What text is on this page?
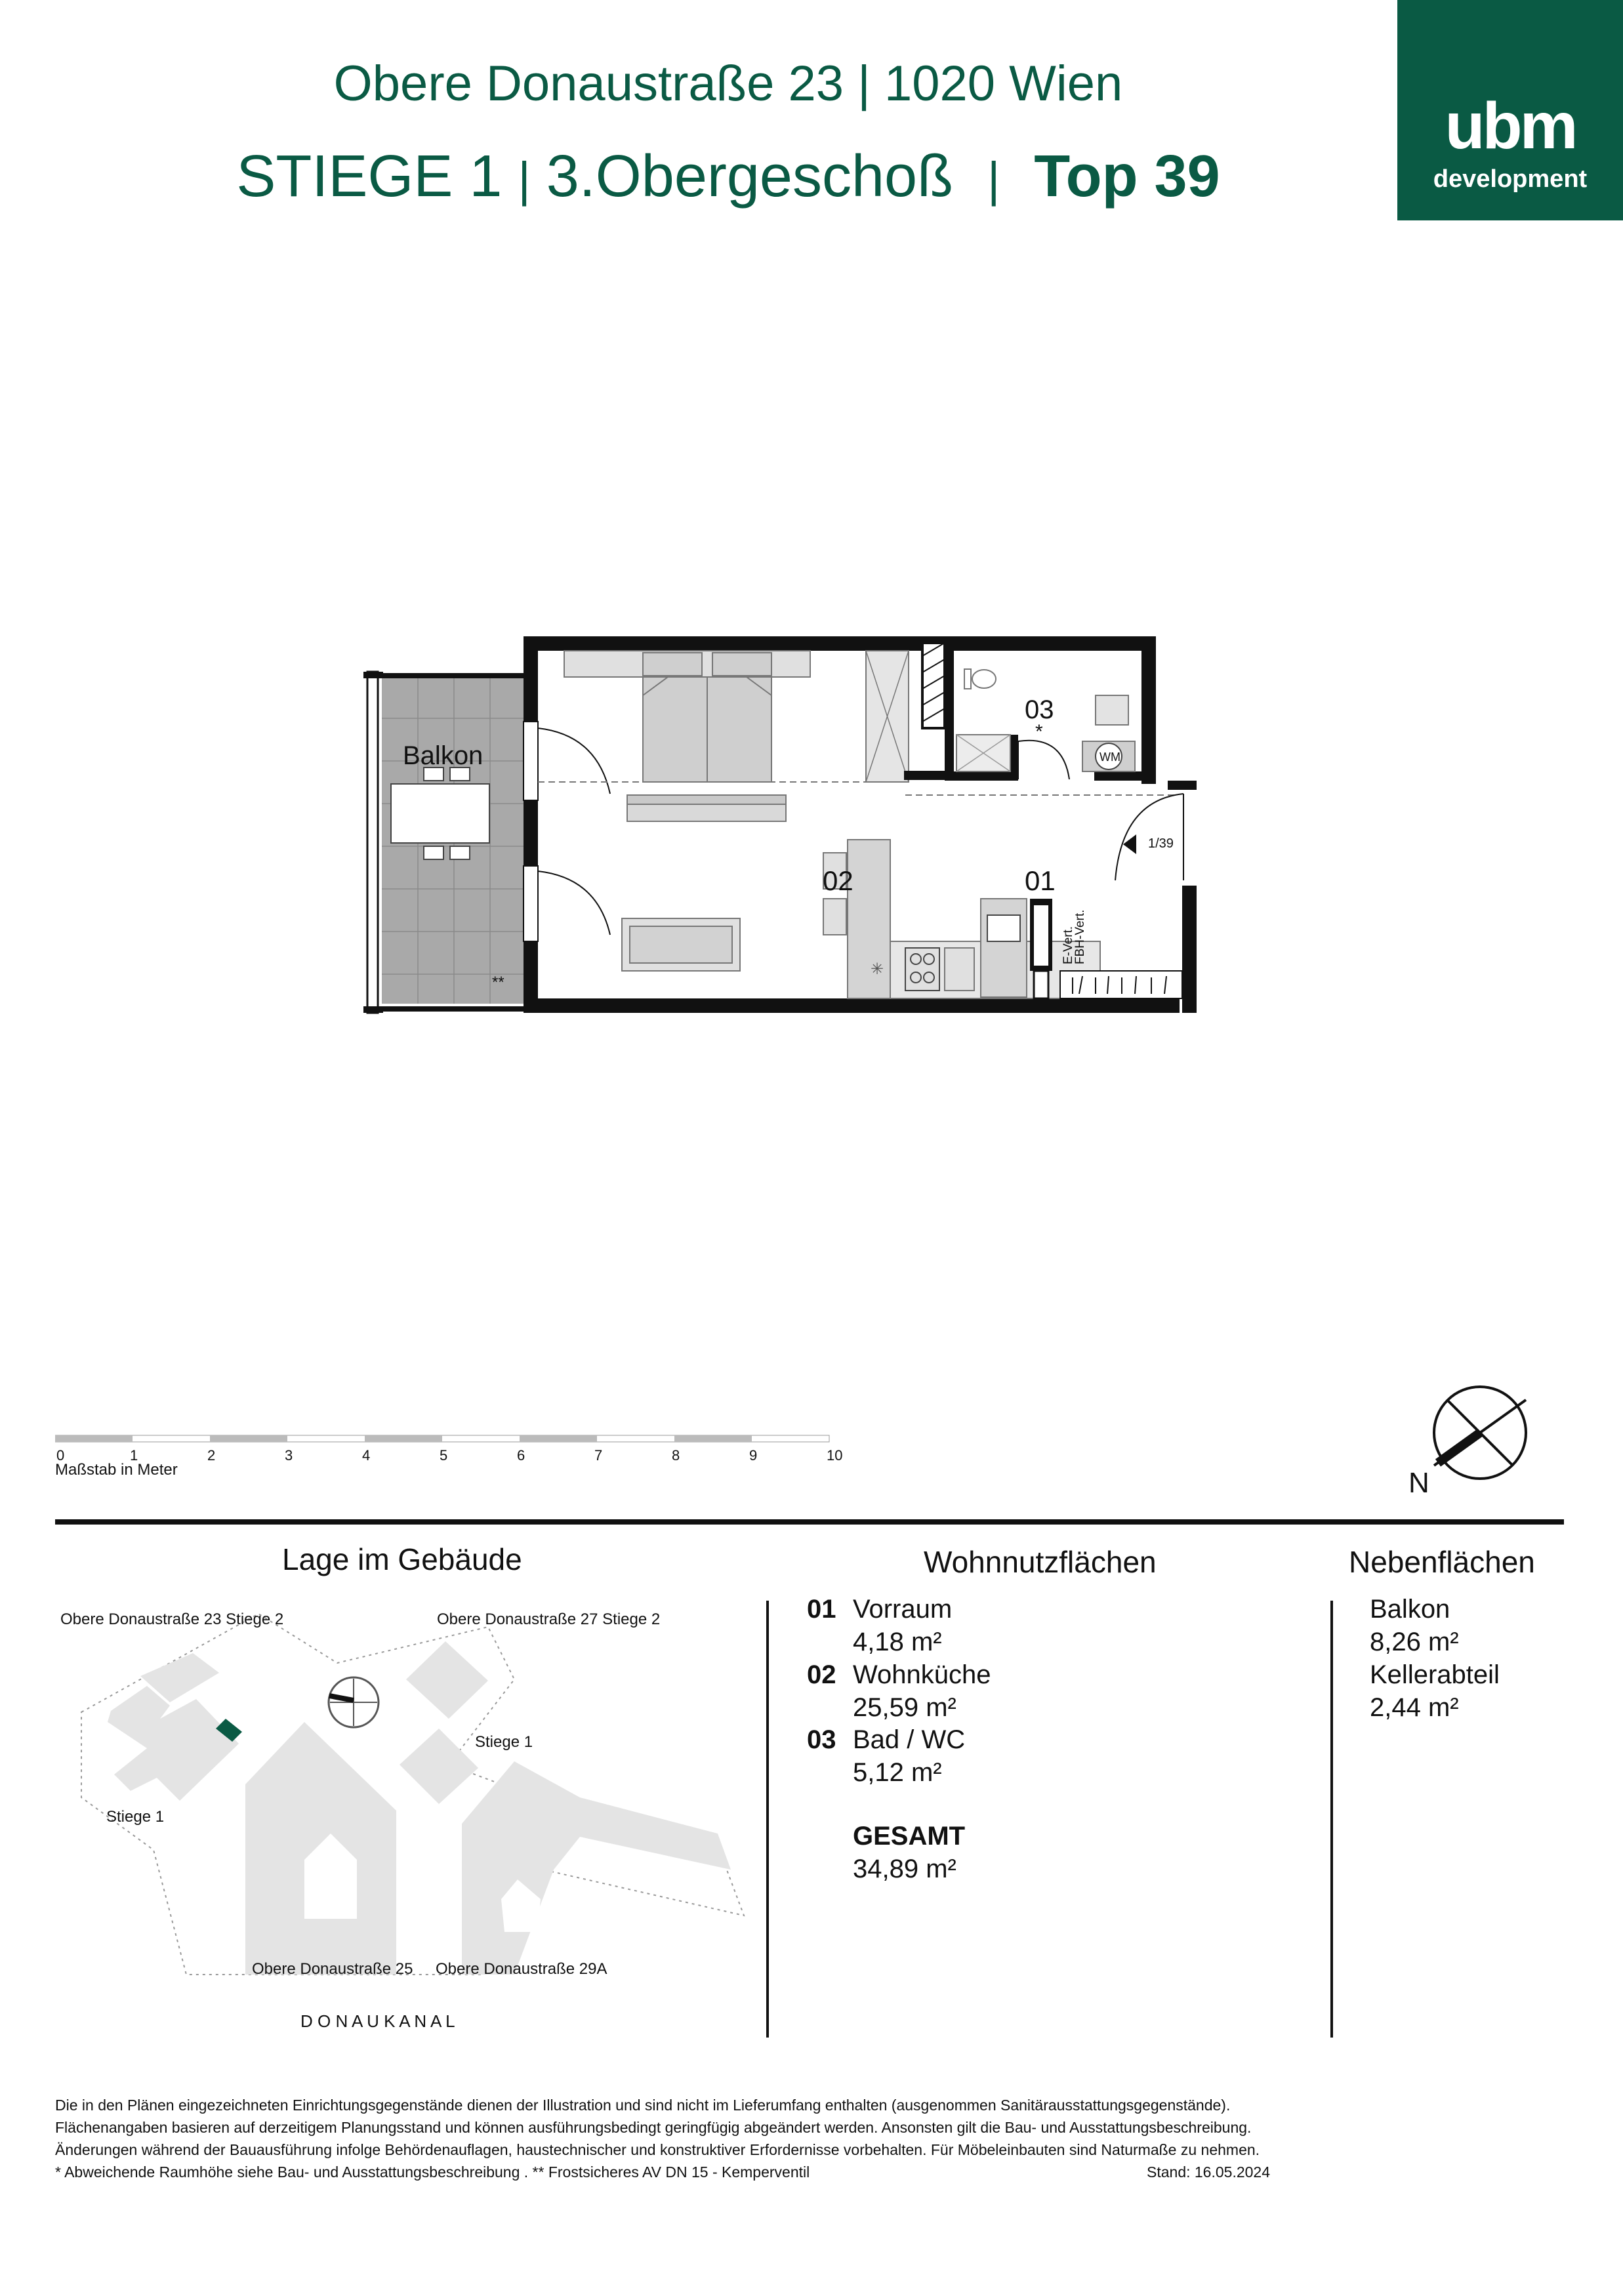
Obere Donaustraße 23 | 1020 Wien
STIEGE 1 | 3.Obergeschoß | Top 39
ubm
development
Balkon
**
WM
03
*
✳
02	01
E-Vert.
FBH-Vert.
1/39
0	1	2	3	4	5	6	7	8	9	10
Maßstab in Meter	N
Lage im Gebäude
Obere Donaustraße 23 Stiege 2	Obere Donaustraße 27 Stiege 2
Stiege 1
Stiege 1
Obere Donaustraße 25 Obere Donaustraße 29A
D O N A U K A N A L
Wohnnutzflächen
01 Vorraum
4,18 m²
02 Wohnküche
25,59 m²
03 Bad / WC
5,12 m²
GESAMT
34,89 m²
Nebenflächen
Balkon
8,26 m²
Kellerabteil
2,44 m²
Die in den Plänen eingezeichneten Einrichtungsgegenstände dienen der Illustration und sind nicht im Lieferumfang enthalten (ausgenommen Sanitärausstattungsgegenstände).
Flächenangaben basieren auf derzeitigem Planungsstand und können ausführungsbedingt geringfügig abgeändert werden. Ansonsten gilt die Bau- und Ausstattungsbeschreibung.
Änderungen während der Bauausführung infolge Behördenauflagen, haustechnischer und konstruktiver Erfordernisse vorbehalten. Für Möbeleinbauten sind Naturmaße zu nehmen.
* Abweichende Raumhöhe siehe Bau- und Ausstattungsbeschreibung . ** Frostsicheres AV DN 15 - Kemperventil	Stand: 16.05.2024
